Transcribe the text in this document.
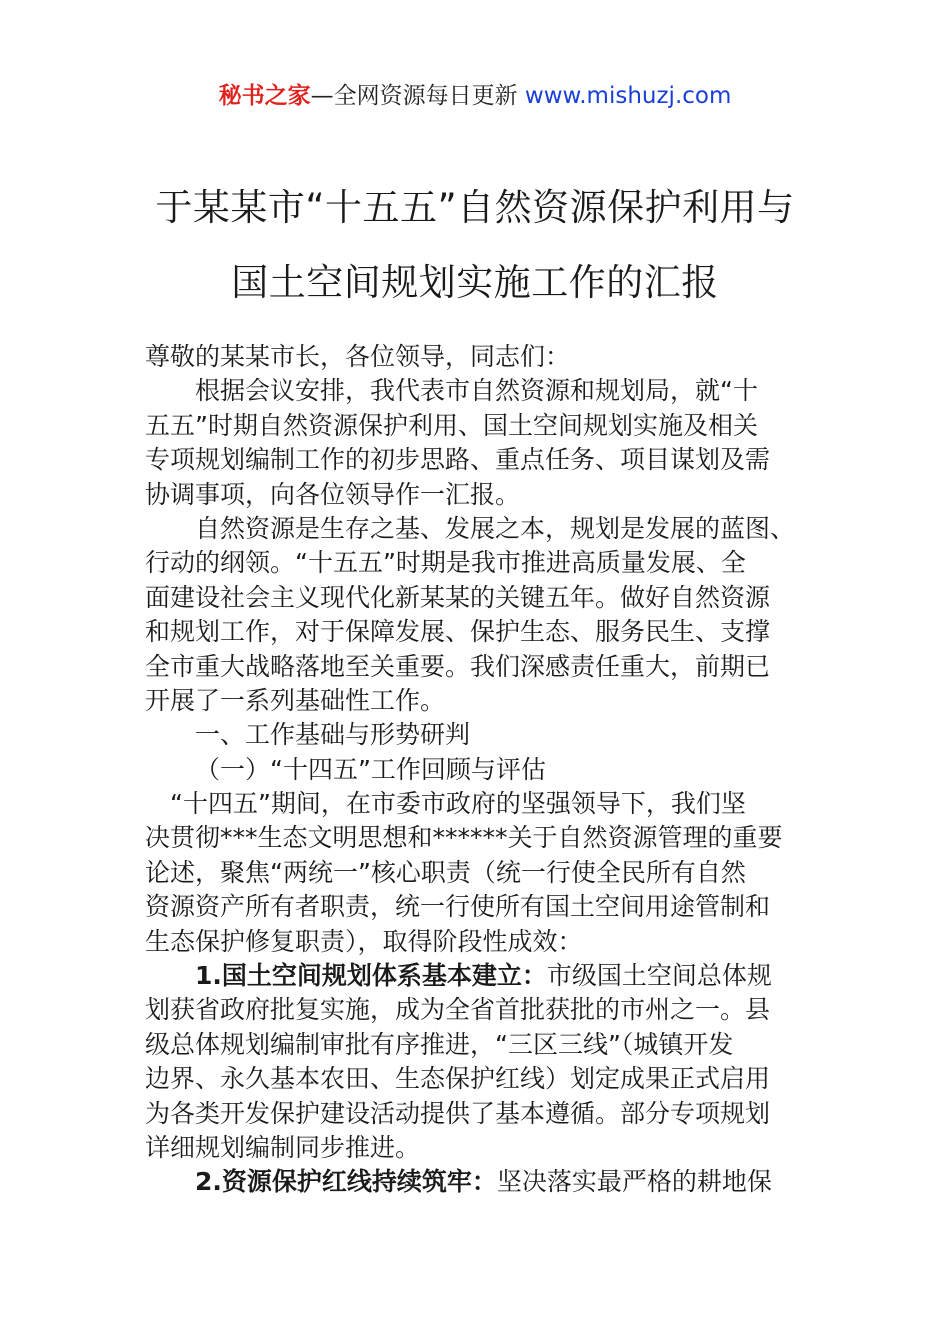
秘书之家—全网资源每日更新 www.mishuzj.com
于某某市“十五五”自然资源保护利用与
国土空间规划实施工作的汇报
尊敬的某某市长，各位领导，同志们：
根据会议安排，我代表市自然资源和规划局，就“十
五五”时期自然资源保护利用、国土空间规划实施及相关
专项规划编制工作的初步思路、重点任务、项目谋划及需
协调事项，向各位领导作一汇报。
自然资源是生存之基、发展之本，规划是发展的蓝图、
行动的纲领。“十五五”时期是我市推进高质量发展、全
面建设社会主义现代化新某某的关键五年。做好自然资源
和规划工作，对于保障发展、保护生态、服务民生、支撑
全市重大战略落地至关重要。我们深感责任重大，前期已
开展了一系列基础性工作。
一、工作基础与形势研判
（一）“十四五”工作回顾与评估
“十四五”期间，在市委市政府的坚强领导下，我们坚
决贯彻***生态文明思想和******关于自然资源管理的重要
论述，聚焦“两统一”核心职责（统一行使全民所有自然
资源资产所有者职责，统一行使所有国土空间用途管制和
生态保护修复职责），取得阶段性成效：
1.国土空间规划体系基本建立：市级国土空间总体规
划获省政府批复实施，成为全省首批获批的市州之一。县
级总体规划编制审批有序推进，“三区三线”（城镇开发
边界、永久基本农田、生态保护红线）划定成果正式启用
为各类开发保护建设活动提供了基本遵循。部分专项规划
详细规划编制同步推进。
2.资源保护红线持续筑牢：坚决落实最严格的耕地保
